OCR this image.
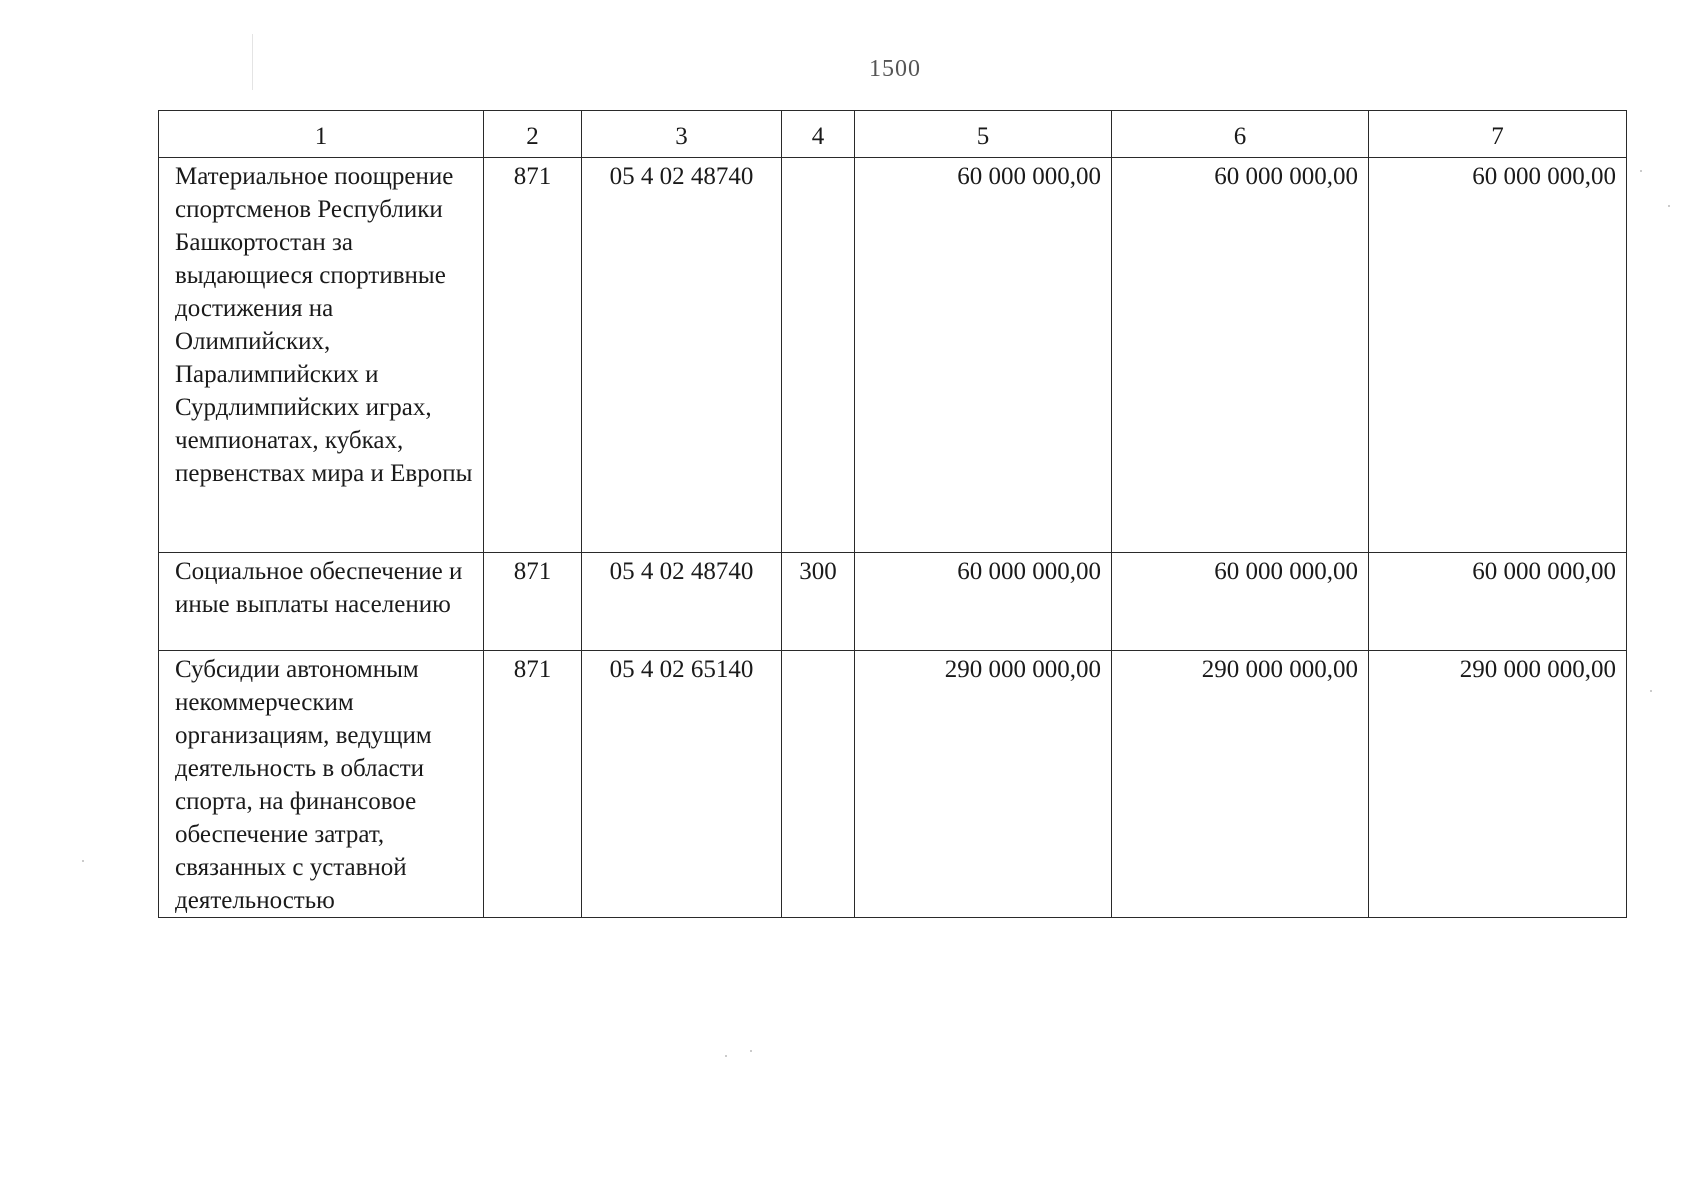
1500
1	2	3	4	5	6	7
Материальное поощрение спортсменов Республики Башкортостан за выдающиеся спортивные достижения на Олимпийских, Паралимпийских и Сурдлимпийских играх, чемпионатах, кубках, первенствах мира и Европы	871	05 4 02 48740		60 000 000,00	60 000 000,00	60 000 000,00
Социальное обеспечение и иные выплаты населению	871	05 4 02 48740	300	60 000 000,00	60 000 000,00	60 000 000,00
Субсидии автономным некоммерческим организациям, ведущим деятельность в области спорта, на финансовое обеспечение затрат, связанных с уставной деятельностью	871	05 4 02 65140		290 000 000,00	290 000 000,00	290 000 000,00
